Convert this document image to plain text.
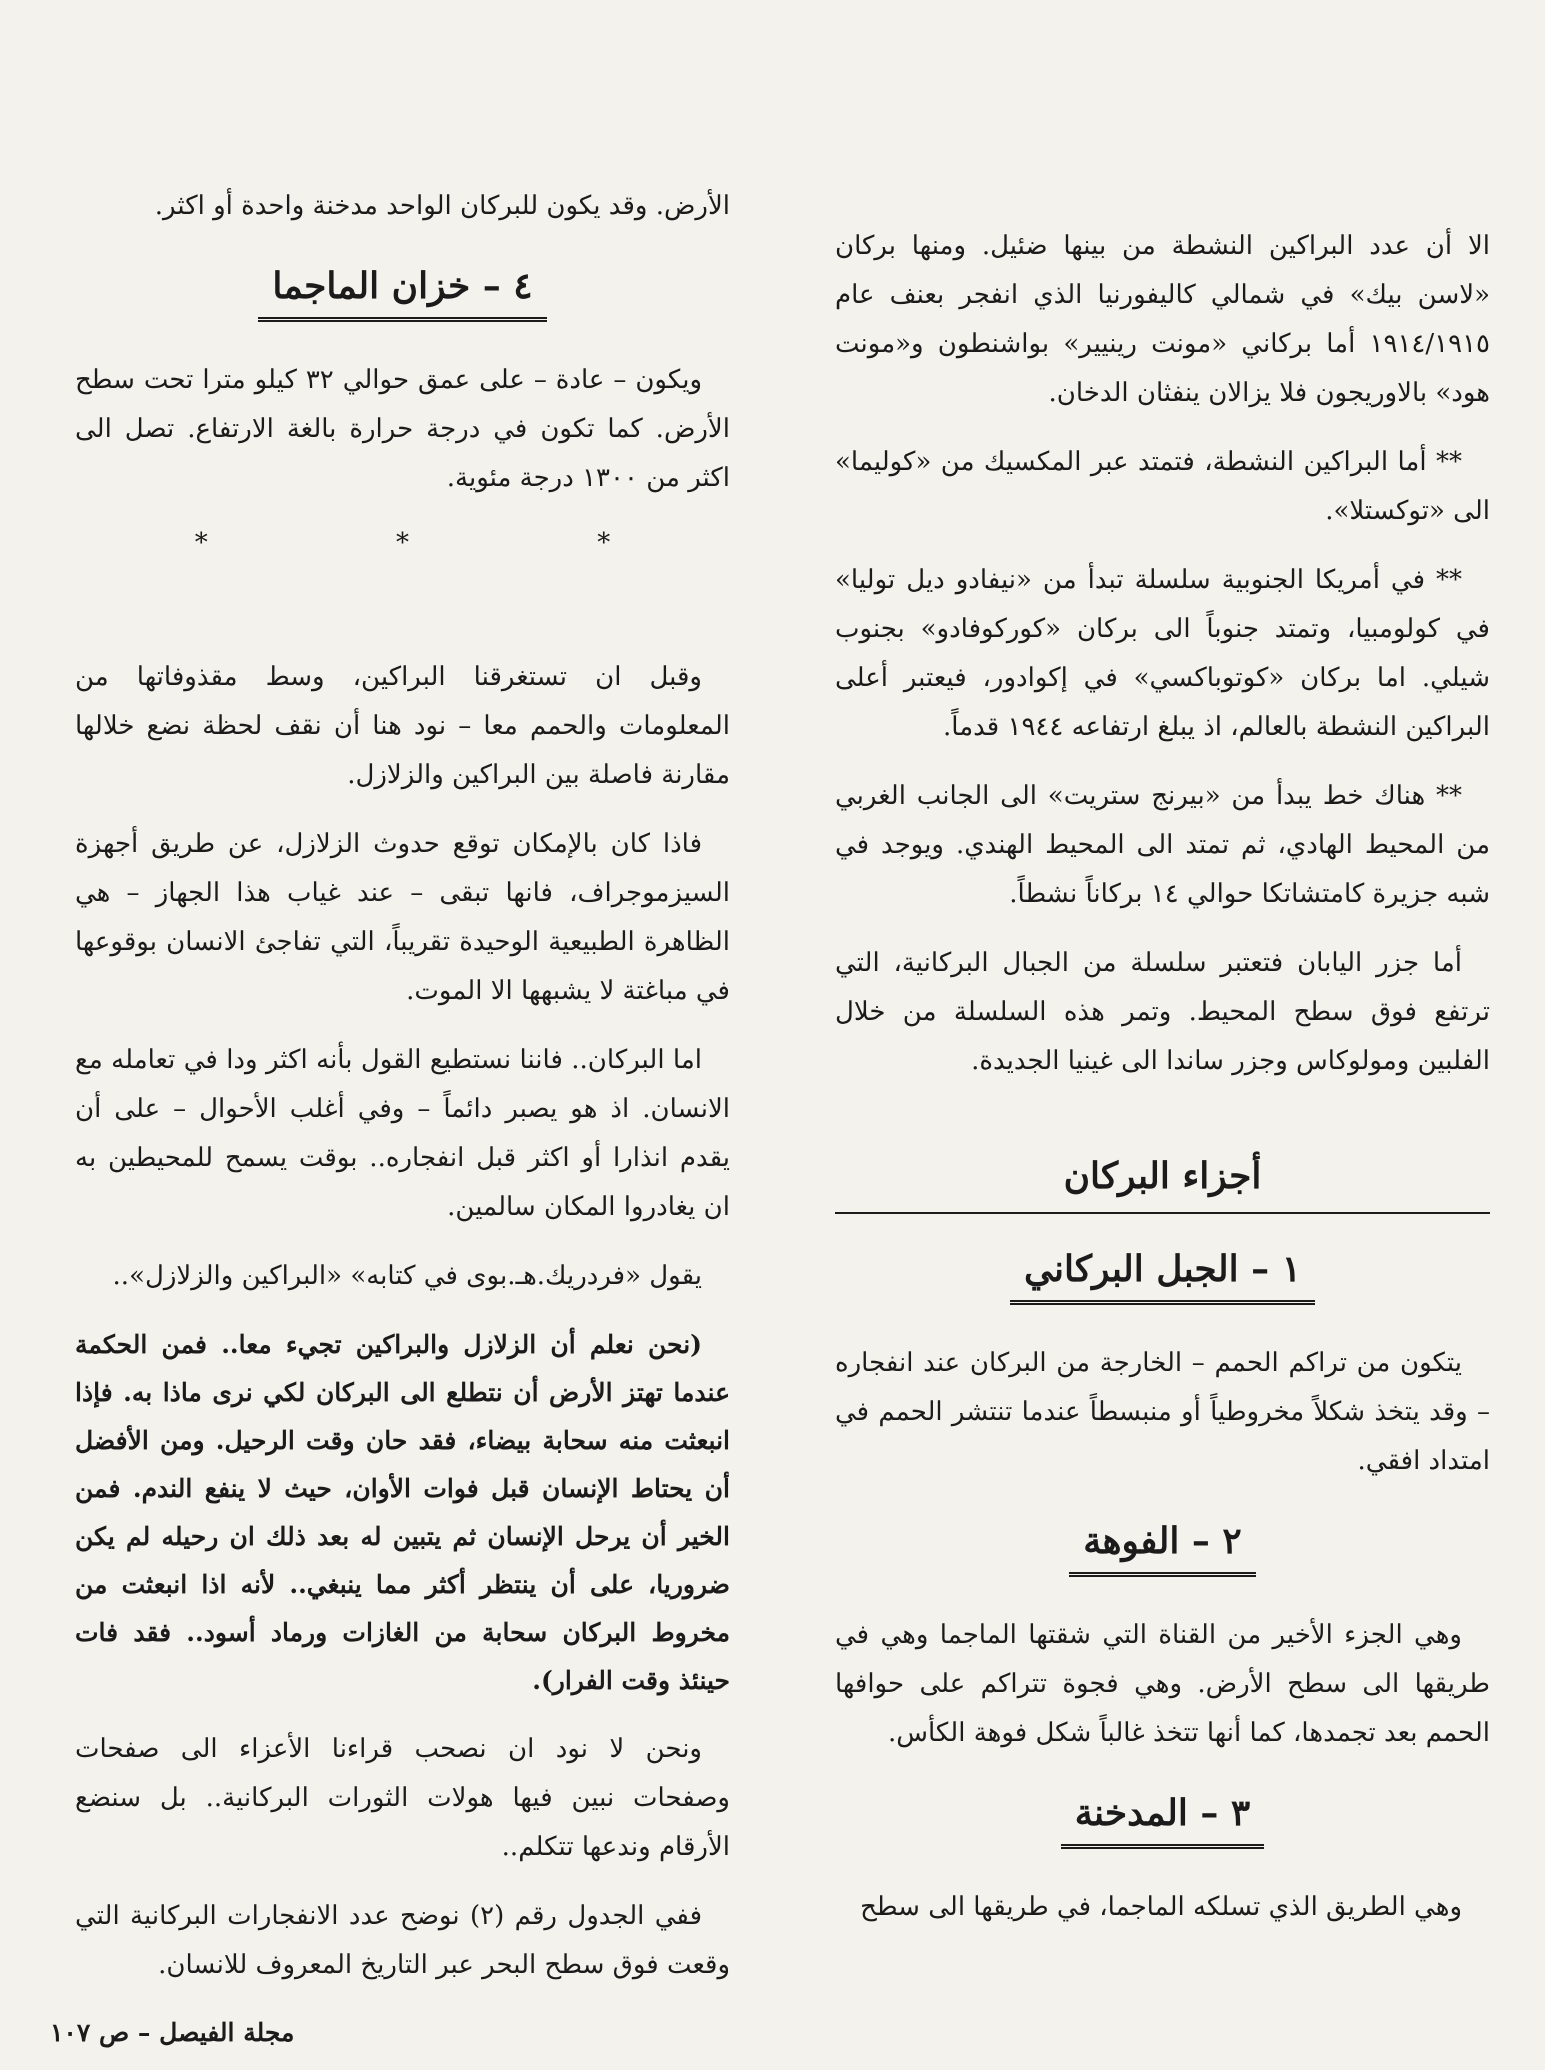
الأرض. وقد يكون للبركان الواحد مدخنة واحدة أو اكثر.

٤ – خزان الماجما

ويكون – عادة – على عمق حوالي ٣٢ كيلو مترا تحت سطح الأرض. كما تكون في درجة حرارة بالغة الارتفاع. تصل الى اكثر من ١٣٠٠ درجة مئوية.

* * *

وقبل ان تستغرقنا البراكين، وسط مقذوفاتها من المعلومات والحمم معا – نود هنا أن نقف لحظة نضع خلالها مقارنة فاصلة بين البراكين والزلازل.

فاذا كان بالإمكان توقع حدوث الزلازل، عن طريق أجهزة السيزموجراف، فانها تبقى – عند غياب هذا الجهاز – هي الظاهرة الطبيعية الوحيدة تقريباً، التي تفاجئ الانسان بوقوعها في مباغتة لا يشبهها الا الموت.

اما البركان.. فاننا نستطيع القول بأنه اكثر ودا في تعامله مع الانسان. اذ هو يصبر دائماً – وفي أغلب الأحوال – على أن يقدم انذارا أو اكثر قبل انفجاره.. بوقت يسمح للمحيطين به ان يغادروا المكان سالمين.

يقول «فردريك.هـ.بوى في كتابه» «البراكين والزلازل»..

(نحن نعلم أن الزلازل والبراكين تجيء معا.. فمن الحكمة عندما تهتز الأرض أن نتطلع الى البركان لكي نرى ماذا به. فإذا انبعثت منه سحابة بيضاء، فقد حان وقت الرحيل. ومن الأفضل أن يحتاط الإنسان قبل فوات الأوان، حيث لا ينفع الندم. فمن الخير أن يرحل الإنسان ثم يتبين له بعد ذلك ان رحيله لم يكن ضروريا، على أن ينتظر أكثر مما ينبغي.. لأنه اذا انبعثت من مخروط البركان سحابة من الغازات ورماد أسود.. فقد فات حينئذ وقت الفرار).

ونحن لا نود ان نصحب قراءنا الأعزاء الى صفحات وصفحات نبين فيها هولات الثورات البركانية.. بل سنضع الأرقام وندعها تتكلم..

ففي الجدول رقم (٢) نوضح عدد الانفجارات البركانية التي وقعت فوق سطح البحر عبر التاريخ المعروف للانسان.

الا أن عدد البراكين النشطة من بينها ضئيل. ومنها بركان «لاسن بيك» في شمالي كاليفورنيا الذي انفجر بعنف عام ١٩١٤/١٩١٥ أما بركاني «مونت رينيير» بواشنطون و«مونت هود» بالاوريجون فلا يزالان ينفثان الدخان.

** أما البراكين النشطة، فتمتد عبر المكسيك من «كوليما» الى «توكستلا».

** في أمريكا الجنوبية سلسلة تبدأ من «نيفادو ديل توليا» في كولومبيا، وتمتد جنوباً الى بركان «كوركوفادو» بجنوب شيلي. اما بركان «كوتوباكسي» في إكوادور، فيعتبر أعلى البراكين النشطة بالعالم، اذ يبلغ ارتفاعه ١٩٤٤ قدماً.

** هناك خط يبدأ من «بيرنج ستريت» الى الجانب الغربي من المحيط الهادي، ثم تمتد الى المحيط الهندي. ويوجد في شبه جزيرة كامتشاتكا حوالي ١٤ بركاناً نشطاً.

أما جزر اليابان فتعتبر سلسلة من الجبال البركانية، التي ترتفع فوق سطح المحيط. وتمر هذه السلسلة من خلال الفلبين ومولوكاس وجزر ساندا الى غينيا الجديدة.

أجزاء البركان
١ – الجبل البركاني

يتكون من تراكم الحمم – الخارجة من البركان عند انفجاره – وقد يتخذ شكلاً مخروطياً أو منبسطاً عندما تنتشر الحمم في امتداد افقي.

٢ – الفوهة

وهي الجزء الأخير من القناة التي شقتها الماجما وهي في طريقها الى سطح الأرض. وهي فجوة تتراكم على حوافها الحمم بعد تجمدها، كما أنها تتخذ غالباً شكل فوهة الكأس.

٣ – المدخنة

وهي الطريق الذي تسلكه الماجما، في طريقها الى سطح

مجلة الفيصل – ص ١٠٧
